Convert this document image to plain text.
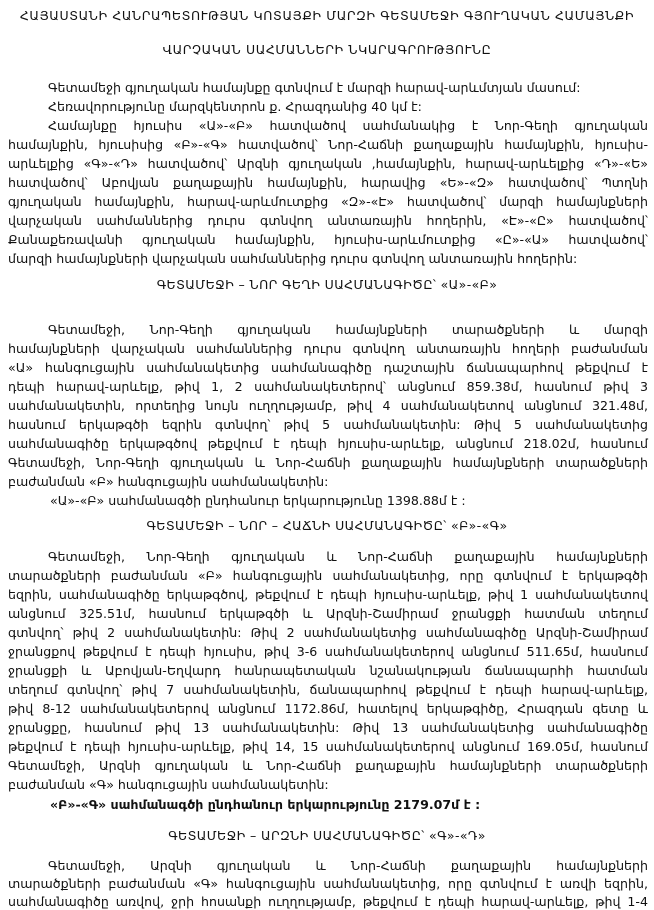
ՀԱՅԱՍՏԱՆԻ ՀԱՆՐԱՊԵՏՈՒԹՅԱՆ ԿՈՏԱՅՔԻ ՄԱՐԶԻ ԳԵՏԱՄԵՋԻ ԳՅՈՒՂԱԿԱՆ ՀԱՄԱՅՆՔԻ
ՎԱՐՉԱԿԱՆ ՍԱՀՄԱՆՆԵՐԻ ՆԿԱՐԱԳՐՈՒԹՅՈՒՆԸ
Գետամեջի գյուղական համայնքը գտնվում է մարզի հարավ-արևմտյան մասում:
Հեռավորությունը մարզկենտրոն ք. Հրազդանից 40 կմ է:
Համայնքը հյուսիս «Ա»-«Բ» հատվածով սահմանակից է Նոր-Գեղի գյուղական
համայնքին, հյուսիսից «Բ»-«Գ» հատվածով՝ Նոր-Հաճնի քաղաքային համայնքին, հյուսիս-
արևելքից «Գ»-«Դ» հատվածով՝ Արզնի գյուղական ,համայնքին, հարավ-արևելքից «Դ»-«Ե»
հատվածով՝ Աբովյան քաղաքային համայնքին, հարավից «Ե»-«Զ» հատվածով՝ Պտղնի
գյուղական համայնքին, հարավ-արևմուտքից «Զ»-«Է» հատվածով՝ մարզի համայնքների
վարչական սահմաններից դուրս գտնվող անտառային հողերին, «Է»-«Ը» հատվածով՝
Քանաքեռավանի գյուղական համայնքին, հյուսիս-արևմուտքից «Ը»-«Ա» հատվածով՝
մարզի համայնքների վարչական սահմաններից դուրս գտնվող անտառային հողերին:
ԳԵՏԱՄԵՋԻ – ՆՈՐ ԳԵՂԻ ՍԱՀՄԱՆԱԳԻԾԸ՝ «Ա»-«Բ»
Գետամեջի, Նոր-Գեղի գյուղական համայնքների տարածքների և մարզի
համայնքների վարչական սահմաններից դուրս գտնվող անտառային հողերի բաժանման
«Ա» հանգուցային սահմանակետից սահմանագիծը դաշտային ճանապարհով թեքվում է
դեպի հարավ-արևելք, թիվ 1, 2 սահմանակետերով՝ անցնում 859.38մ, հասնում թիվ 3
սահմանակետին, որտեղից նույն ուղղությամբ, թիվ 4 սահմանակետով անցնում 321.48մ,
հասնում երկաթգծի եզրին գտնվող՝ թիվ 5 սահմանակետին: Թիվ 5 սահմանակետից
սահմանագիծը երկաթգծով թեքվում է դեպի հյուսիս-արևելք, անցնում 218.02մ, հասնում
Գետամեջի, Նոր-Գեղի գյուղական և Նոր-Հաճնի քաղաքային համայնքների տարածքների
բաժանման «Բ» հանգուցային սահմանակետին:
«Ա»-«Բ» սահմանագծի ընդհանուր երկարությունը 1398.88մ է :
ԳԵՏԱՄԵՋԻ – ՆՈՐ – ՀԱՃՆԻ ՍԱՀՄԱՆԱԳԻԾԸ՝ «Բ»-«Գ»
Գետամեջի, Նոր-Գեղի գյուղական և Նոր-Հաճնի քաղաքային համայնքների
տարածքների բաժանման «Բ» հանգուցային սահմանակետից, որը գտնվում է երկաթգծի
եզրին, սահմանագիծը երկաթգծով, թեքվում է դեպի հյուսիս-արևելք, թիվ 1 սահմանակետով
անցնում 325.51մ, հասնում երկաթգծի և Արզնի-Շամիրամ ջրանցքի հատման տեղում
գտնվող՝ թիվ 2 սահմանակետին: Թիվ 2 սահմանակետից սահմանագիծը Արզնի-Շամիրամ
ջրանցքով թեքվում է դեպի հյուսիս, թիվ 3-6 սահմանակետերով անցնում 511.65մ, հասնում
ջրանցքի և Աբովյան-Եղվարդ հանրապետական նշանակության ճանապարհի հատման
տեղում գտնվող՝ թիվ 7 սահմանակետին, ճանապարհով թեքվում է դեպի հարավ-արևելք,
թիվ 8-12 սահմանակետերով անցնում 1172.86մ, հատելով երկաթգիծը, Հրազդան գետը և
ջրանցքը, հասնում թիվ 13 սահմանակետին: Թիվ 13 սահմանակետից սահմանագիծը
թեքվում է դեպի հյուսիս-արևելք, թիվ 14, 15 սահմանակետերով անցնում 169.05մ, հասնում
Գետամեջի, Արզնի գյուղական և Նոր-Հաճնի քաղաքային համայնքների տարածքների
բաժանման «Գ» հանգուցային սահմանակետին:
«Բ»-«Գ» սահմանագծի ընդհանուր երկարությունը 2179.07մ է :
ԳԵՏԱՄԵՋԻ – ԱՐԶՆԻ ՍԱՀՄԱՆԱԳԻԾԸ՝ «Գ»-«Դ»
Գետամեջի, Արզնի գյուղական և Նոր-Հաճնի քաղաքային համայնքների
տարածքների բաժանման «Գ» հանգուցային սահմանակետից, որը գտնվում է առվի եզրին,
սահմանագիծը առվով, ջրի հոսանքի ուղղությամբ, թեքվում է դեպի հարավ-արևելք, թիվ 1-4
